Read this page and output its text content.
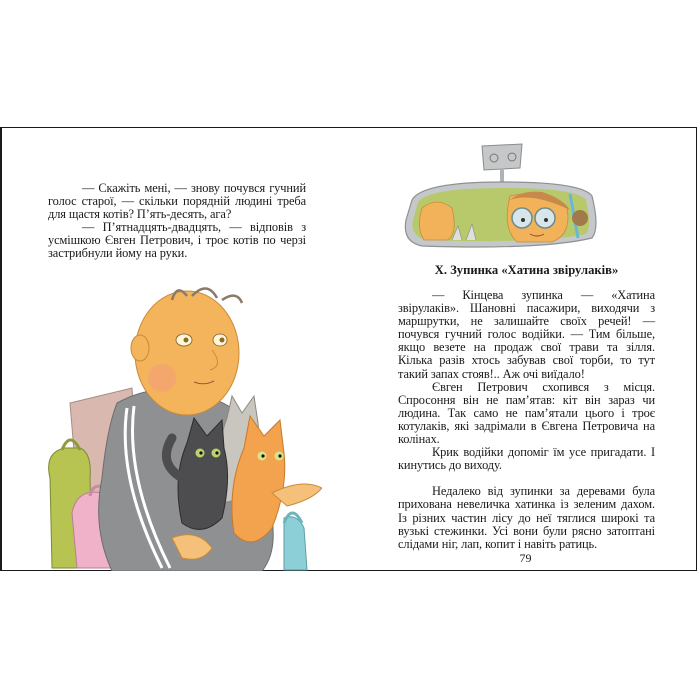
— Скажіть мені, — знову почувся гучний голос старої, — скільки порядній людині треба для щастя котів? П’ять-десять, ага?

— П’ятнадцять-двадцять, — відповів з усмішкою Євген Петрович, і троє котів по черзі застрибнули йому на руки.

X. Зупинка «Хатина звірулаків»

— Кінцева зупинка — «Хатина звірулаків». Шановні пасажири, виходячи з маршрутки, не залишайте своїх речей! — почувся гучний голос водійки. — Тим більше, якщо везете на продаж свої трави та зілля. Кілька разів хтось забував свої торби, то тут такий запах стояв!.. Аж очі виїдало!

Євген Петрович схопився з місця. Спросоння він не пам’ятав: кіт він зараз чи людина. Так само не пам’ятали цього і троє котулаків, які задрімали в Євгена Петровича на колінах.

Крик водійки допоміг їм усе пригадати. І кинутись до виходу.

Недалеко від зупинки за деревами була прихована невеличка хатинка із зеленим дахом. Із різних частин лісу до неї тяглися широкі та вузькі стежинки. Усі вони були рясно затоптані слідами ніг, лап, копит і навіть ратиць.

79
